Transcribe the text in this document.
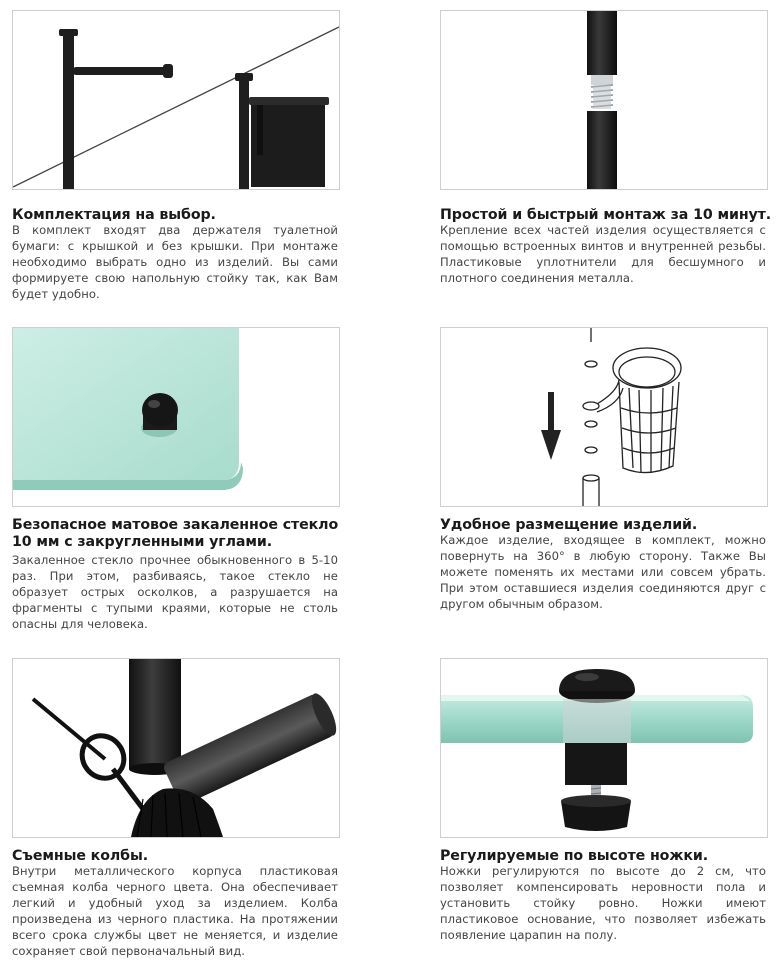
Комплектация на выбор.
В комплект входят два держателя туалетной бумаги: с крышкой и без крышки. При монтаже необходимо выбрать одно из изделий. Вы сами формируете свою напольную стойку так, как Вам будет удобно.
Простой и быстрый монтаж за 10 минут.
Крепление всех частей изделия осуществляется с помощью встроенных винтов и внутренней резьбы. Пластиковые уплотнители для бесшумного и плотного соединения металла.
Безопасное матовое закаленное стекло 10 мм с закругленными углами.
Закаленное стекло прочнее обыкновенного в 5-10 раз. При этом, разбиваясь, такое стекло не образует острых осколков, а разрушается на фрагменты с тупыми краями, которые не столь опасны для человека.
Удобное размещение изделий.
Каждое изделие, входящее в комплект, можно повернуть на 360° в любую сторону. Также Вы можете поменять их местами или совсем убрать. При этом оставшиеся изделия соединяются друг с другом обычным образом.
Съемные колбы.
Внутри металлического корпуса пластиковая съемная колба черного цвета. Она обеспечивает легкий и удобный уход за изделием. Колба произведена из черного пластика. На протяжении всего срока службы цвет не меняется, и изделие сохраняет свой первоначальный вид.
Регулируемые по высоте ножки.
Ножки регулируются по высоте до 2 см, что позволяет компенсировать неровности пола и установить стойку ровно. Ножки имеют пластиковое основание, что позволяет избежать появление царапин на полу.
